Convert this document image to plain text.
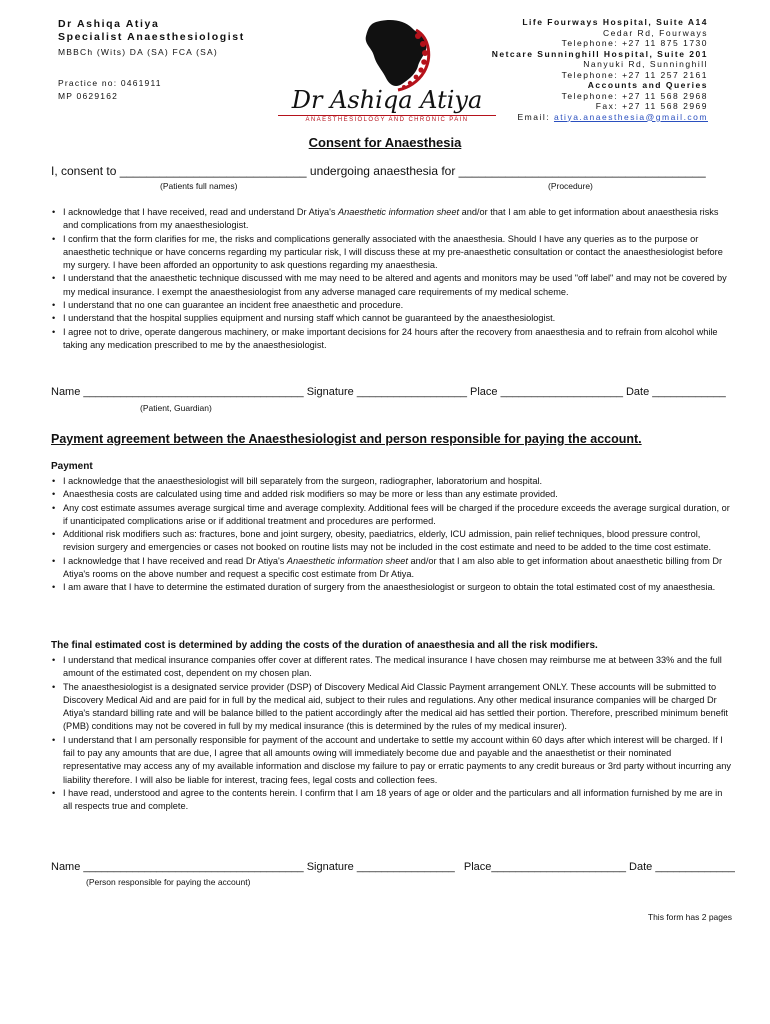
Dr Ashiqa Atiya
Specialist Anaesthesiologist
MBBCh (Wits) DA (SA) FCA (SA)
Practice no: 0461911
MP 0629162	Dr Ashiqa Atiya
ANAESTHESIOLOGY AND CHRONIC PAIN
Life Fourways Hospital, Suite A14
Cedar Rd, Fourways
Telephone: +27 11 875 1730
Netcare Sunninghill Hospital, Suite 201
Nanyuki Rd, Sunninghill
Telephone: +27 11 257 2161
Accounts and Queries
Telephone: +27 11 568 2968
Fax: +27 11 568 2969
Email: atiya.anaesthesia@gmail.com
Consent for Anaesthesia
I, consent to ____________________________ undergoing anaesthesia for _____________________________________
(Patients full names)	(Procedure)
• I acknowledge that I have received, read and understand Dr Atiya's Anaesthetic information sheet and/or that I am able to get information about anaesthesia risks and complications from my anaesthesiologist.
• I confirm that the form clarifies for me, the risks and complications generally associated with the anaesthesia. Should I have any queries as to the purpose or anaesthetic technique or have concerns regarding my particular risk, I will discuss these at my pre-anaesthetic consultation or contact the anaesthesiologist before my surgery. I have been afforded an opportunity to ask questions regarding my anaesthesia.
• I understand that the anaesthetic technique discussed with me may need to be altered and agents and monitors may be used "off label" and may not be covered by my medical insurance. I exempt the anaesthesiologist from any adverse managed care requirements of my medical scheme.
• I understand that no one can guarantee an incident free anaesthetic and procedure.
• I understand that the hospital supplies equipment and nursing staff which cannot be guaranteed by the anaesthesiologist.
• I agree not to drive, operate dangerous machinery, or make important decisions for 24 hours after the recovery from anaesthesia and to refrain from alcohol while taking any medication prescribed to me by the anaesthesiologist.
Name ____________________________________ Signature __________________ Place ____________________ Date ____________
(Patient, Guardian)
Payment agreement between the Anaesthesiologist and person responsible for paying the account.
Payment
• I acknowledge that the anaesthesiologist will bill separately from the surgeon, radiographer, laboratorium and hospital.
• Anaesthesia costs are calculated using time and added risk modifiers so may be more or less than any estimate provided.
• Any cost estimate assumes average surgical time and average complexity. Additional fees will be charged if the procedure exceeds the average surgical duration, or if unanticipated complications arise or if additional treatment and procedures are performed.
• Additional risk modifiers such as: fractures, bone and joint surgery, obesity, paediatrics, elderly, ICU admission, pain relief techniques, blood pressure control, revision surgery and emergencies or cases not booked on routine lists may not be included in the cost estimate and need to be added to the time cost estimate.
• I acknowledge that I have received and read Dr Atiya's Anaesthetic information sheet and/or that I am also able to get information about anaesthetic billing from Dr Atiya's rooms on the above number and request a specific cost estimate from Dr Atiya.
• I am aware that I have to determine the estimated duration of surgery from the anaesthesiologist or surgeon to obtain the total estimated cost of my anaesthesia.
The final estimated cost is determined by adding the costs of the duration of anaesthesia and all the risk modifiers.
• I understand that medical insurance companies offer cover at different rates. The medical insurance I have chosen may reimburse me at between 33% and the full amount of the estimated cost, dependent on my chosen plan.
• The anaesthesiologist is a designated service provider (DSP) of Discovery Medical Aid Classic Payment arrangement ONLY. These accounts will be submitted to Discovery Medical Aid and are paid for in full by the medical aid, subject to their rules and regulations. Any other medical insurance companies will be charged Dr Atiya's standard billing rate and will be balance billed to the patient accordingly after the medical aid has settled their portion. Therefore, prescribed minimum benefit (PMB) conditions may not be covered in full by my medical insurance (this is determined by the rules of my medical insurer).
• I understand that I am personally responsible for payment of the account and undertake to settle my account within 60 days after which interest will be charged. If I fail to pay any amounts that are due, I agree that all amounts owing will immediately become due and payable and the anaesthetist or their nominated representative may access any of my available information and disclose my failure to pay or erratic payments to any credit bureaus or 3rd party without incurring any liability therefore. I will also be liable for interest, tracing fees, legal costs and collection fees.
• I have read, understood and agree to the contents herein. I confirm that I am 18 years of age or older and the particulars and all information furnished by me are in all respects true and complete.
Name ____________________________________ Signature ________________   Place______________________ Date _____________
(Person responsible for paying the account)
This form has 2 pages
